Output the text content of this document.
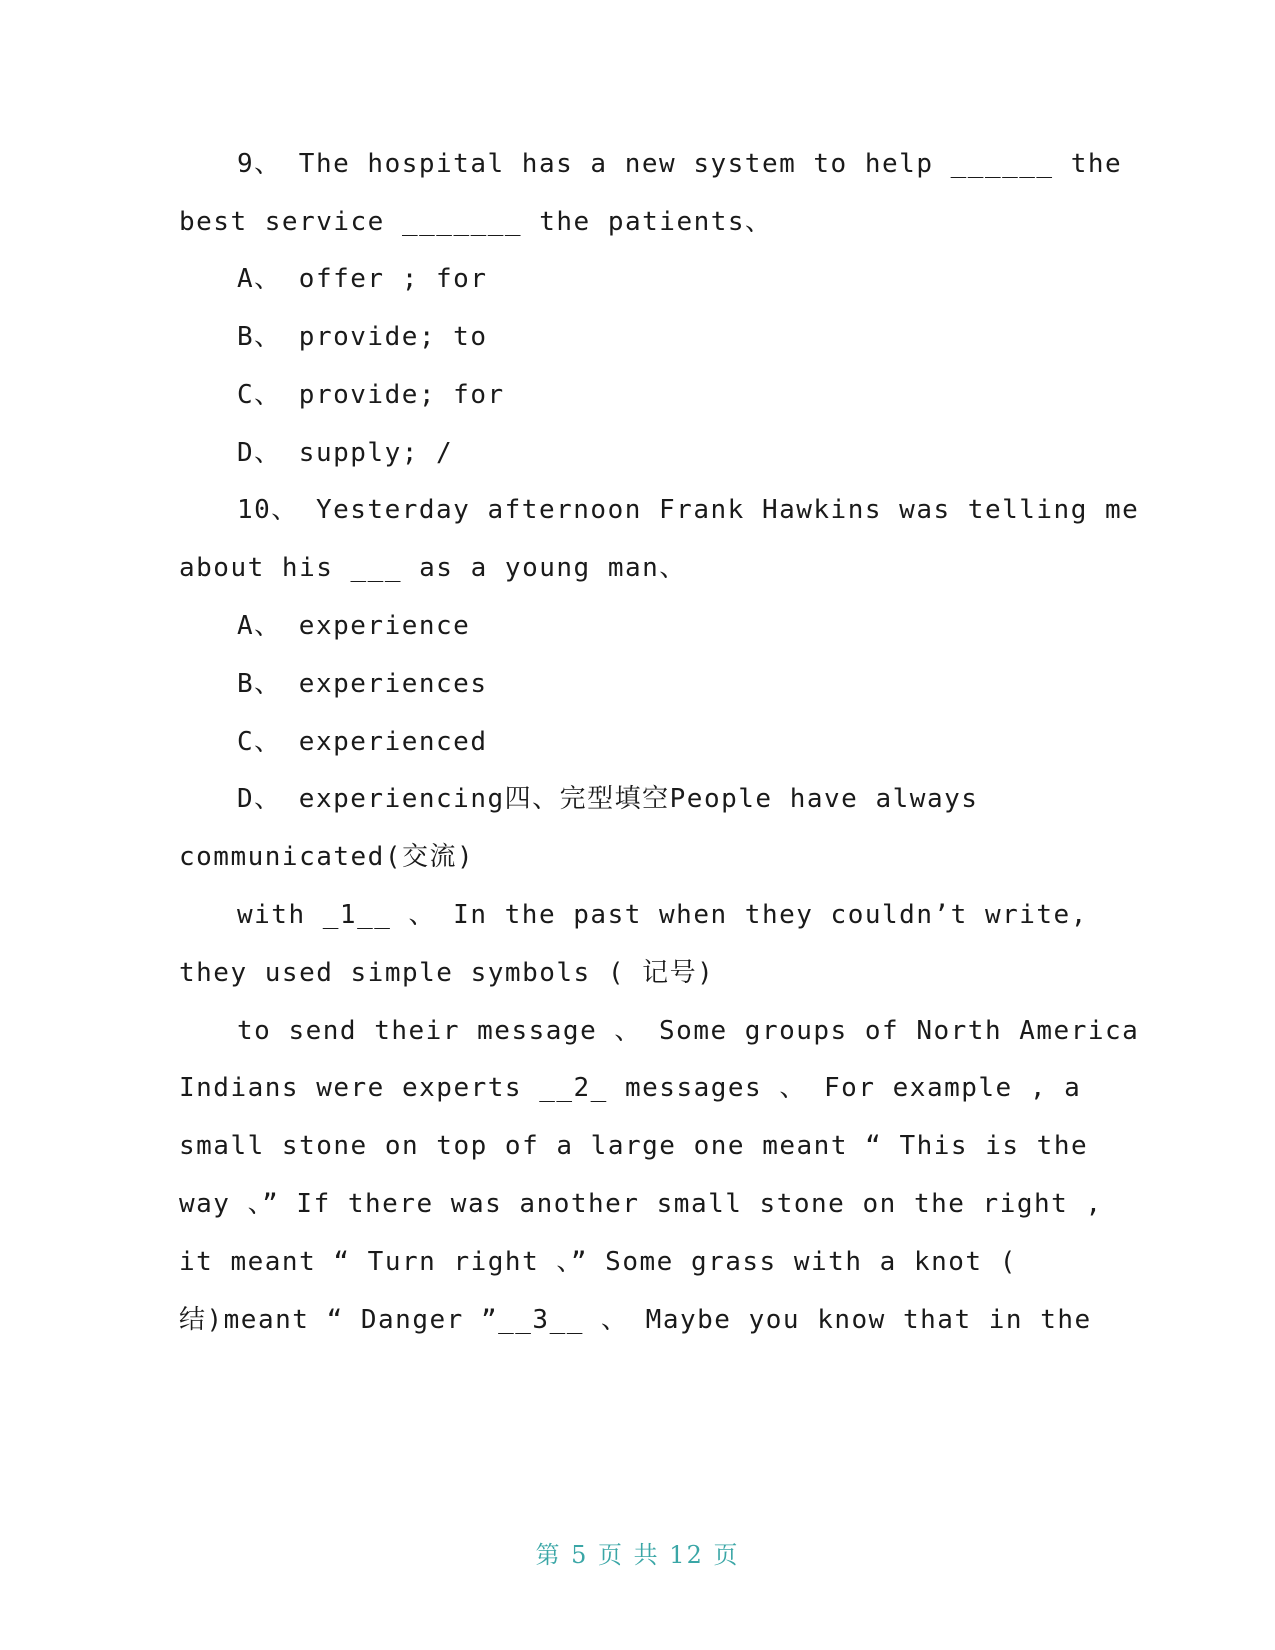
9、 The hospital has a new system to help ______ the
best service _______ the patients、
A、 offer ; for
B、 provide; to
C、 provide; for
D、 supply; /
10、 Yesterday afternoon Frank Hawkins was telling me
about his ___ as a young man、
A、 experience
B、 experiences
C、 experienced
D、 experiencing四、完型填空People have always
communicated(交流)
with _1__ 、 In the past when they couldn’t write,
they used simple symbols ( 记号)
to send their message 、 Some groups of North America
Indians were experts __2_ messages 、 For example , a
small stone on top of a large one meant “ This is the
way 、” If there was another small stone on the right ,
it meant “ Turn right 、” Some grass with a knot (
结)meant “ Danger ”__3__ 、 Maybe you know that in the
第 5 页 共 12 页
